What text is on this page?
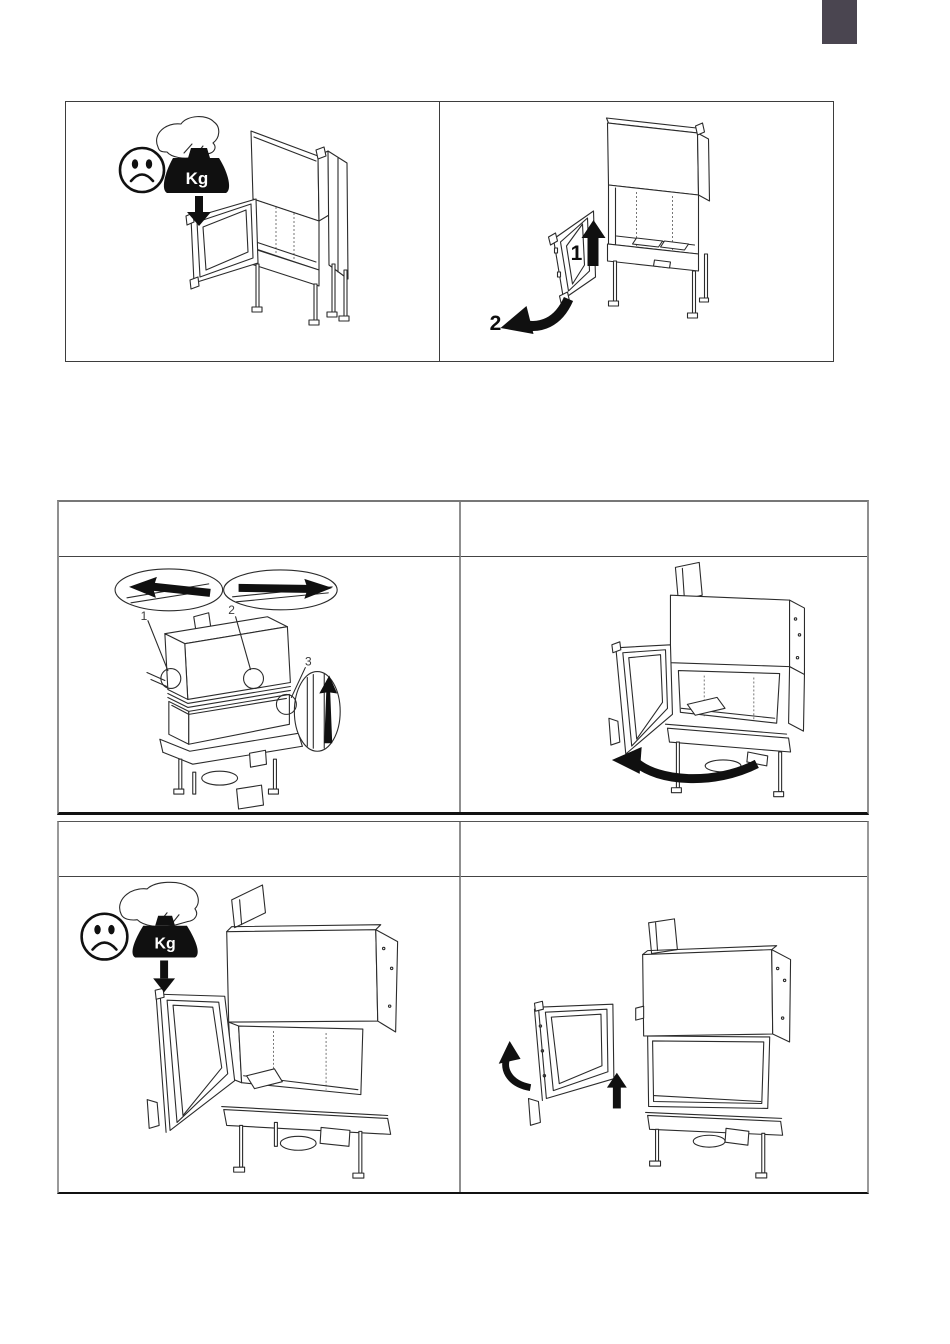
Kg
1
2
1	2
3
Kg
